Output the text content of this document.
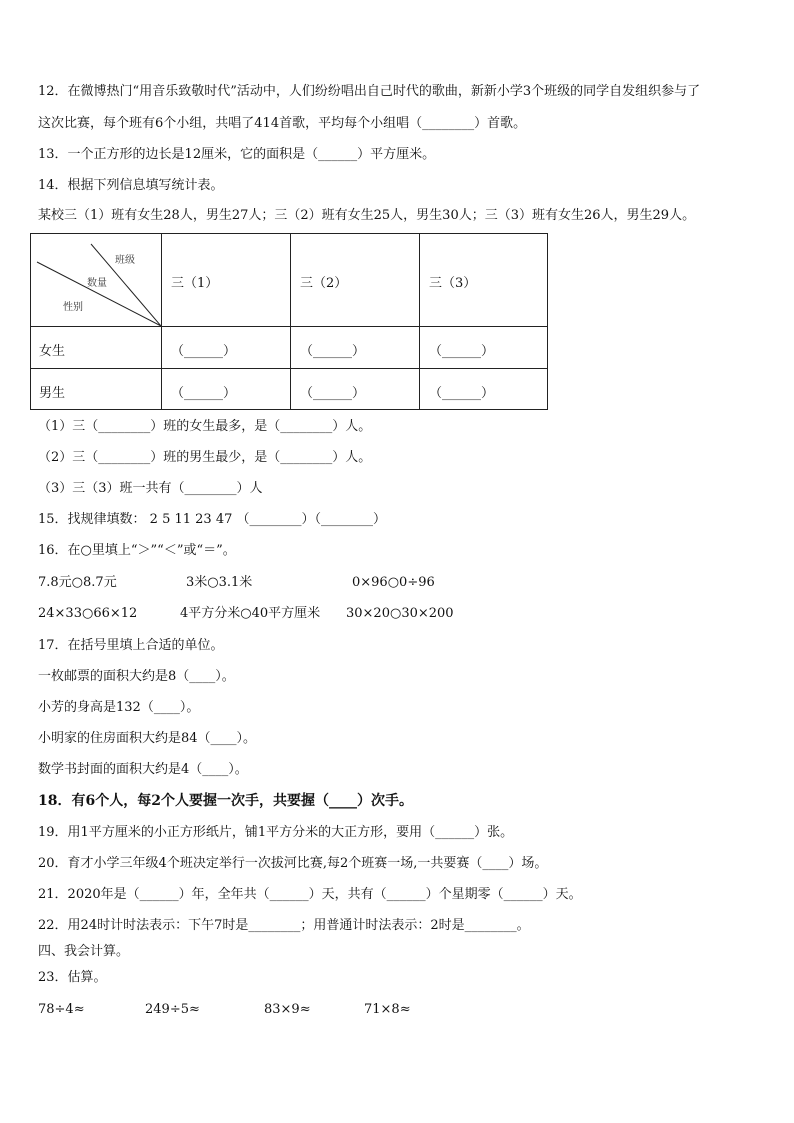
12．在微博热门“用音乐致敬时代”活动中，人们纷纷唱出自己时代的歌曲，新新小学3个班级的同学自发组织参与了
这次比赛，每个班有6个小组，共唱了414首歌，平均每个小组唱（________）首歌。
13．一个正方形的边长是12厘米，它的面积是（______）平方厘米。
14．根据下列信息填写统计表。
某校三（1）班有女生28人，男生27人；三（2）班有女生25人，男生30人；三（3）班有女生26人，男生29人。
班级
数量
性别
三（1）	三（2）	三（3）
女生	（______）	（______）	（______）
男生	（______）	（______）	（______）
（1）三（________）班的女生最多，是（________）人。
（2）三（________）班的男生最少，是（________）人。
（3）三（3）班一共有（________）人
15．找规律填数： 2 5 11 23 47 （________）（________）
16．在○里填上“＞”“＜”或“＝”。
7.8元○8.7元	3米○3.1米	0×96○0÷96
24×33○66×12	4平方分米○40平方厘米 30×20○30×200
17．在括号里填上合适的单位。
一枚邮票的面积大约是8（____）。
小芳的身高是132（____）。
小明家的住房面积大约是84（____）。
数学书封面的面积大约是4（____）。
18．有6个人，每2个人要握一次手，共要握（____）次手。
19．用1平方厘米的小正方形纸片，铺1平方分米的大正方形，要用（______）张。
20．育才小学三年级4个班决定举行一次拔河比赛,每2个班赛一场,一共要赛（____）场。
21．2020年是（______）年，全年共（______）天，共有（______）个星期零（______）天。
22．用24时计时法表示：下午7时是________；用普通计时法表示：2时是________。
四、我会计算。
23．估算。
78÷4≈	249÷5≈	83×9≈	71×8≈
